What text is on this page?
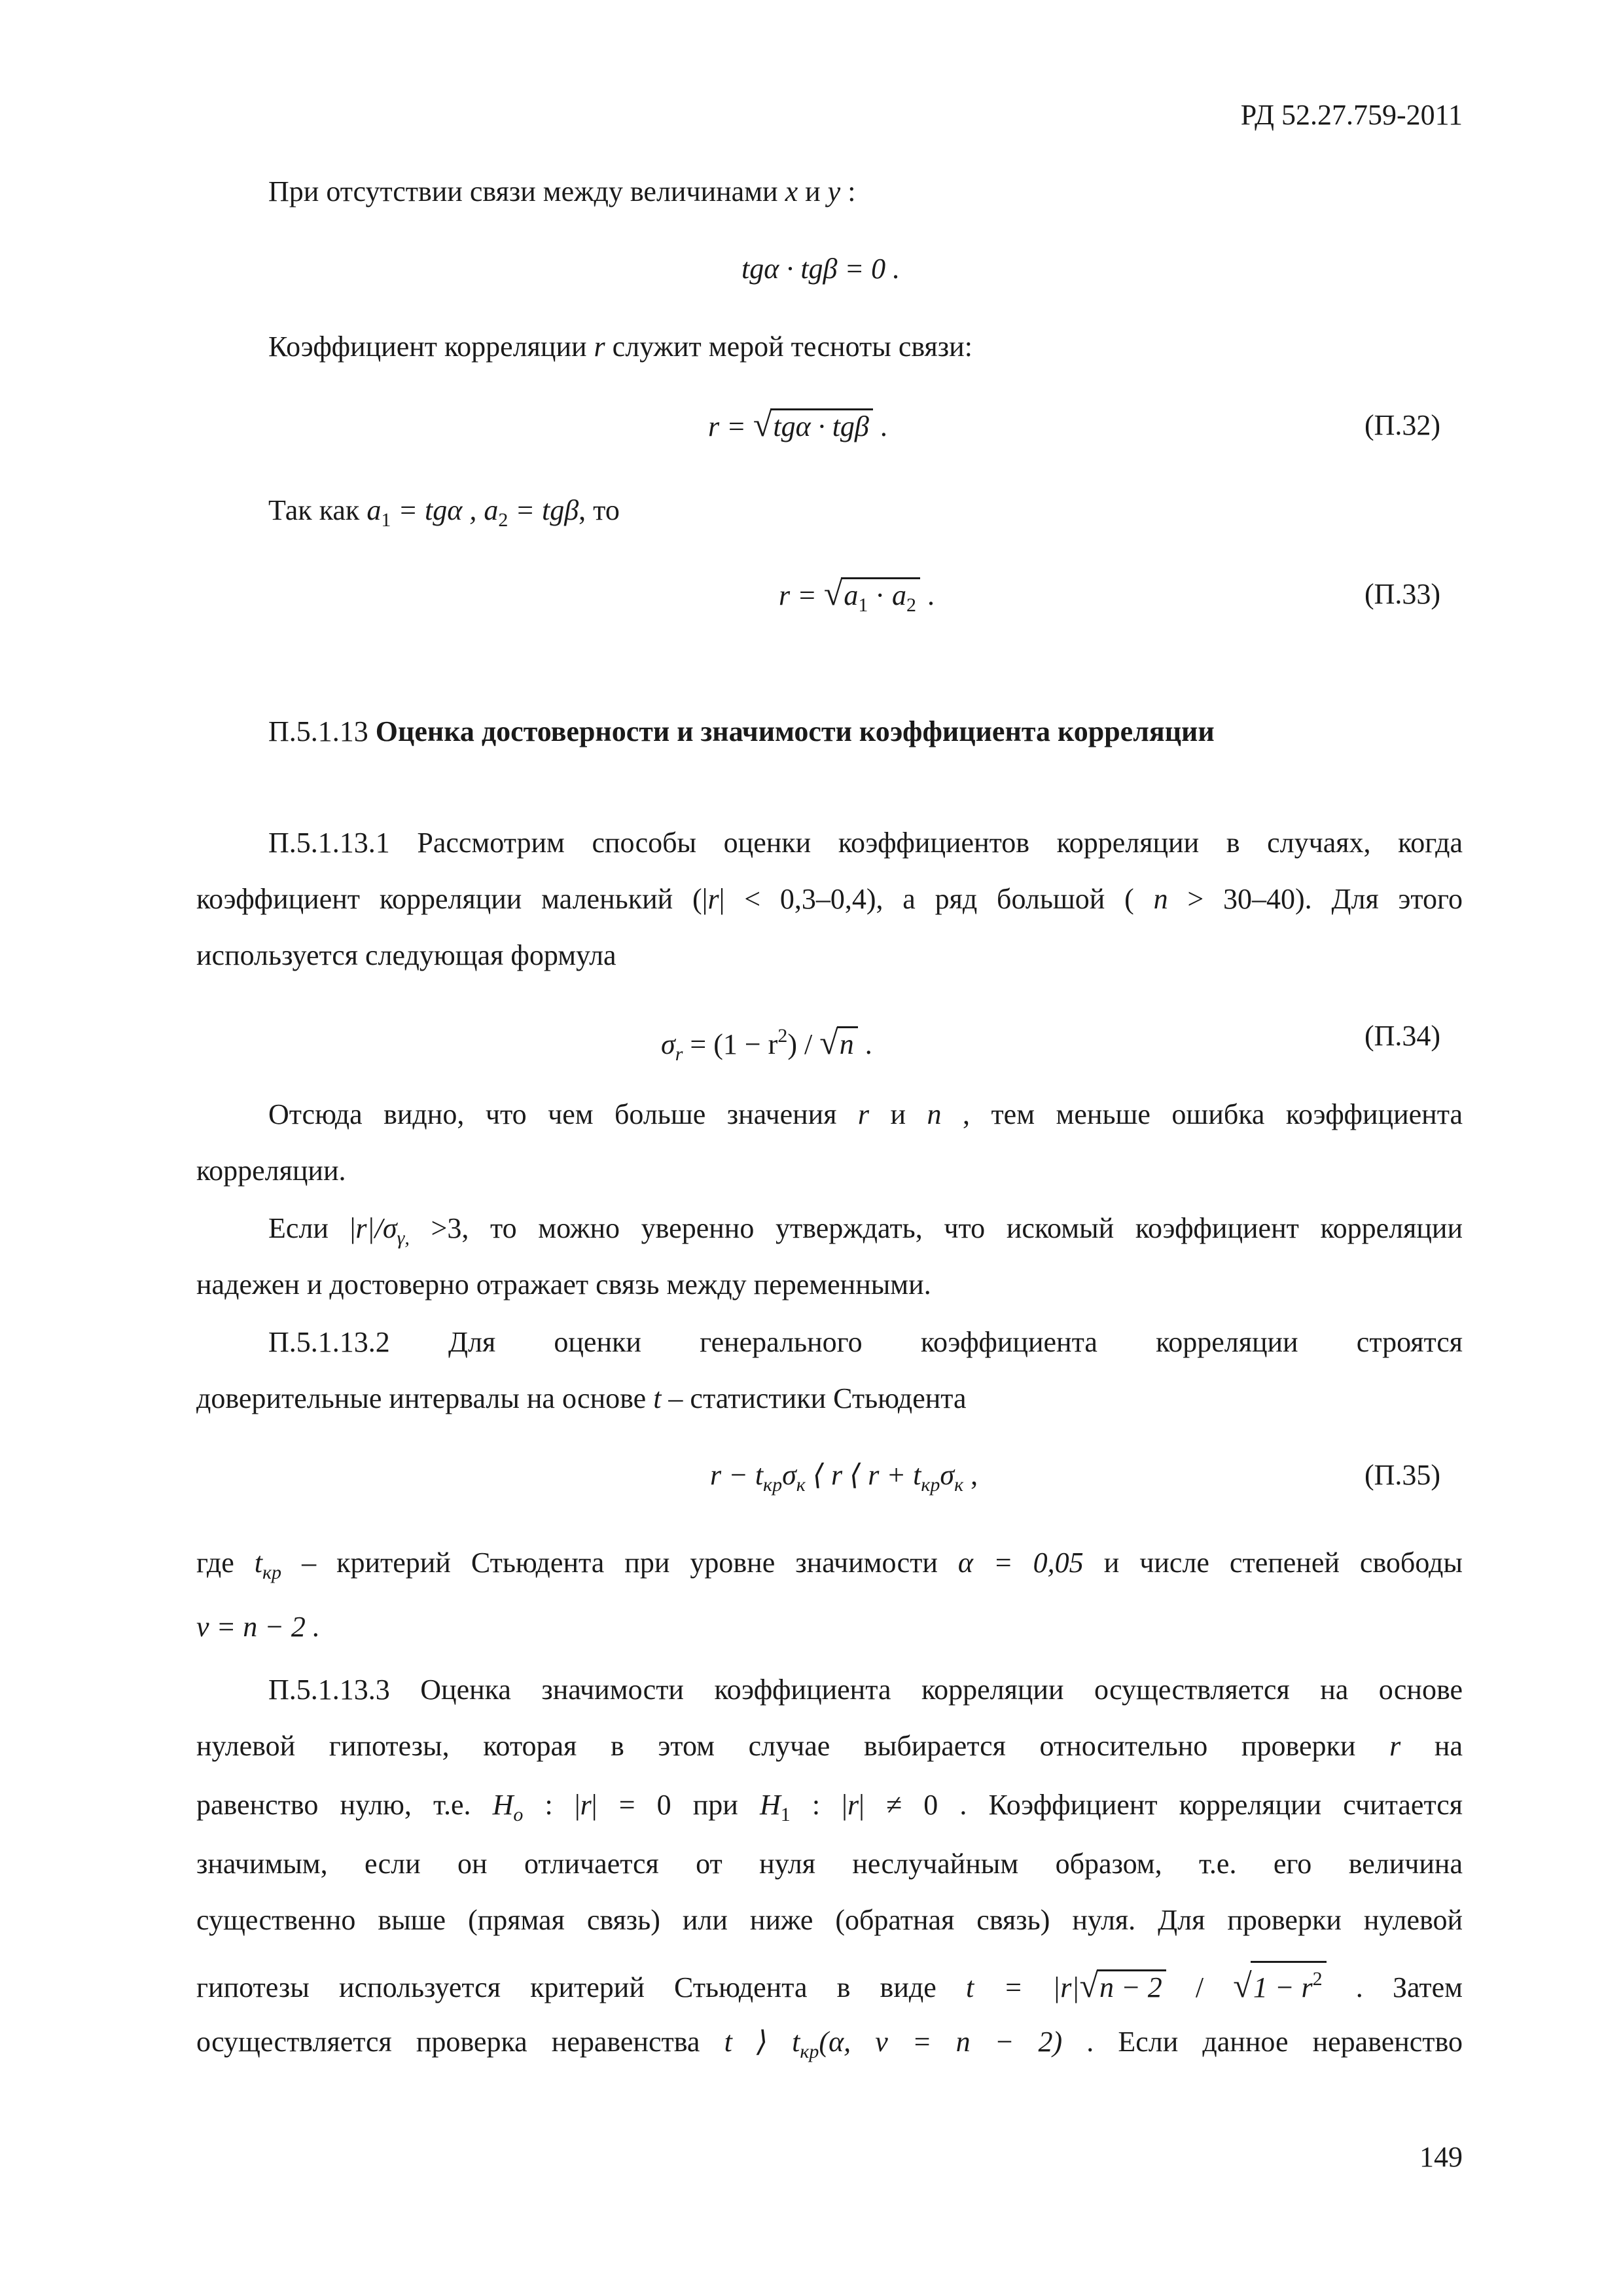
РД 52.27.759-2011
При отсутствии связи между величинами x и y :
tgα · tgβ = 0 .
Коэффициент корреляции r служит мерой тесноты связи:
r = √tgα · tgβ .	(П.32)
Так как $a_1 = tg\alpha$ , $a_2 = tg\beta$, то
$r = √a_1 \cdot a_2$ .	(П.33)
П.5.1.13 Оценка достоверности и значимости коэффициента корреляции
П.5.1.13.1 Рассмотрим способы оценки коэффициентов корреляции в случаях, когда
коэффициент корреляции маленький (|r| < 0,3–0,4), а ряд большой ( n > 30–40). Для этого
используется следующая формула
$\sigma_r = (1 - r^2) / √n$ .	(П.34)
Отсюда видно, что чем больше значения r и n , тем меньше ошибка коэффициента
корреляции.
Если $|r|/\sigma_{\gamma,} >3$, то можно уверенно утверждать, что искомый коэффициент корреляции
надежен и достоверно отражает связь между переменными.
П.5.1.13.2 Для оценки генерального коэффициента корреляции строятся
доверительные интервалы на основе t – статистики Стьюдента
$r - t_{кр}\sigma_к$ ⟨ r ⟨ $r + t_{кр}\sigma_к$ ,	(П.35)
где $t_{кр}$ – критерий Стьюдента при уровне значимости α = 0,05 и числе степеней свободы
ν = n − 2 .
П.5.1.13.3 Оценка значимости коэффициента корреляции осуществляется на основе
нулевой гипотезы, которая в этом случае выбирается относительно проверки r на
равенство нулю, т.е. $H_о$ : |r| = 0 при $H_1$ : |r| ≠ 0 . Коэффициент корреляции считается
значимым, если он отличается от нуля неслучайным образом, т.е. его величина
существенно выше (прямая связь) или ниже (обратная связь) нуля. Для проверки нулевой
гипотезы используется критерий Стьюдента в виде $t = |r|√n - 2 / √1 - r^2$ . Затем
осуществляется проверка неравенства t ⟩ $t_{кр}(\alpha$, ν = n − 2) . Если данное неравенство
149
